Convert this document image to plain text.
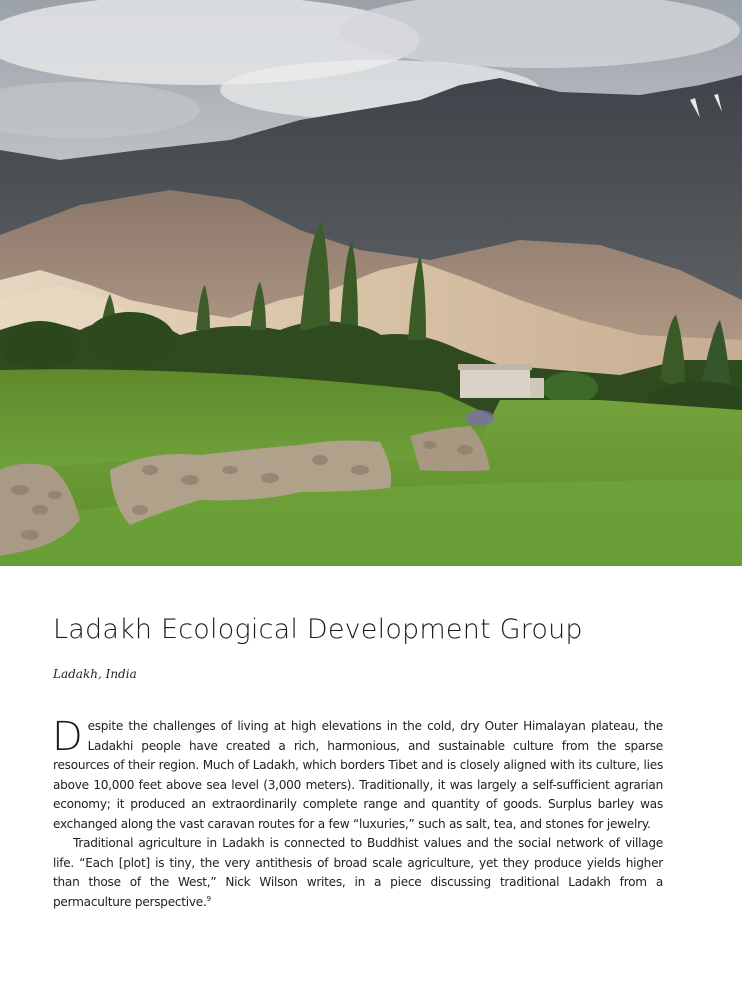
Ladakh Ecological Development Group
Ladakh, India

Despite the challenges of living at high elevations in the cold, dry Outer Himalayan plateau, the Ladakhi people have created a rich, harmonious, and sustainable culture from the sparse resources of their region. Much of Ladakh, which borders Tibet and is closely aligned with its culture, lies above 10,000 feet above sea level (3,000 meters). Traditionally, it was largely a self-sufficient agrarian economy; it produced an extraordinarily complete range and quantity of goods. Surplus barley was exchanged along the vast caravan routes for a few “luxuries,” such as salt, tea, and stones for jewelry.

Traditional agriculture in Ladakh is connected to Buddhist values and the social network of village life. “Each [plot] is tiny, the very antithesis of broad scale agriculture, yet they produce yields higher than those of the West,” Nick Wilson writes, in a piece discussing traditional Ladakh from a permaculture perspective.$^9$
